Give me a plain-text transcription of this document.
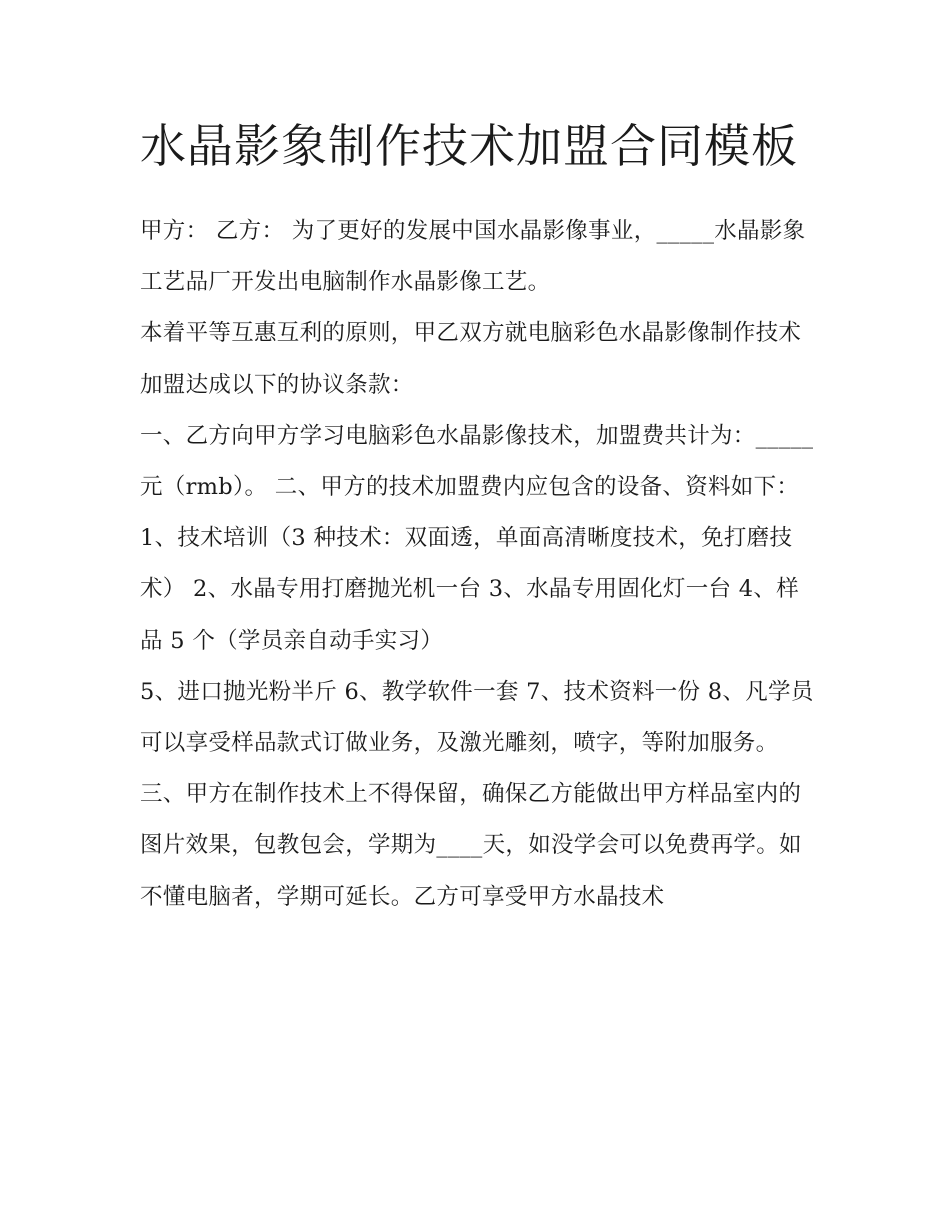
水晶影象制作技术加盟合同模板

甲方： 乙方： 为了更好的发展中国水晶影像事业，_____水晶影象工艺品厂开发出电脑制作水晶影像工艺。

本着平等互惠互利的原则，甲乙双方就电脑彩色水晶影像制作技术加盟达成以下的协议条款：

一、乙方向甲方学习电脑彩色水晶影像技术，加盟费共计为：_____元（rmb）。 二、甲方的技术加盟费内应包含的设备、资料如下：

1、技术培训（3 种技术：双面透，单面高清晰度技术，免打磨技术） 2、水晶专用打磨抛光机一台 3、水晶专用固化灯一台 4、样品 5 个（学员亲自动手实习）

5、进口抛光粉半斤 6、教学软件一套 7、技术资料一份 8、凡学员可以享受样品款式订做业务，及激光雕刻，喷字，等附加服务。

三、甲方在制作技术上不得保留，确保乙方能做出甲方样品室内的图片效果，包教包会，学期为____天，如没学会可以免费再学。如不懂电脑者，学期可延长。乙方可享受甲方水晶技术
